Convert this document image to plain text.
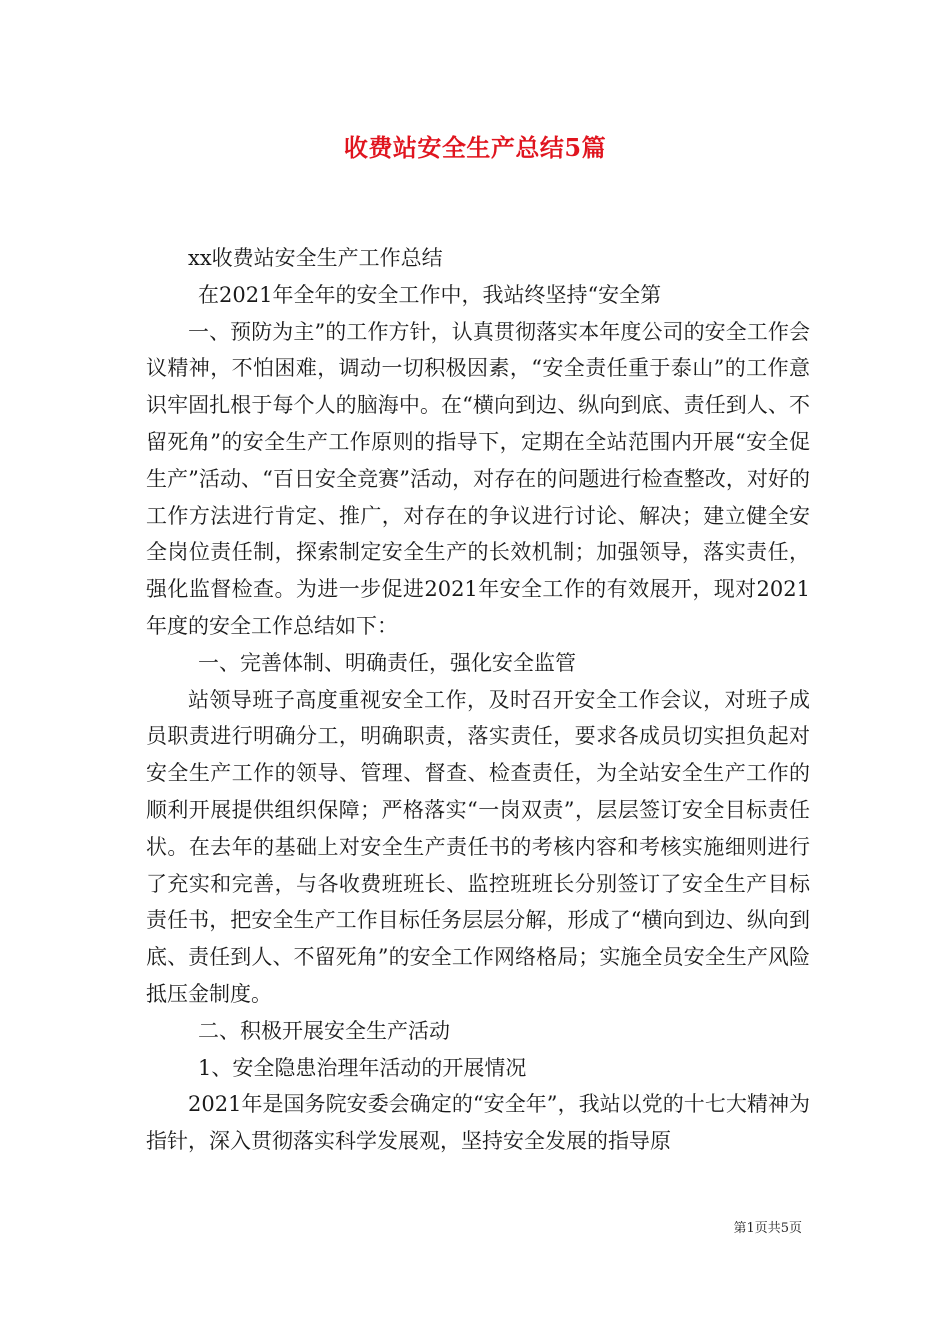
收费站安全生产总结5篇
xx收费站安全生产工作总结
在2021年全年的安全工作中，我站终坚持“安全第

一、预防为主”的工作方针，认真贯彻落实本年度公司的安全工作会议精神，不怕困难，调动一切积极因素，“安全责任重于泰山”的工作意识牢固扎根于每个人的脑海中。在“横向到边、纵向到底、责任到人、不留死角”的安全生产工作原则的指导下，定期在全站范围内开展“安全促生产”活动、“百日安全竞赛”活动，对存在的问题进行检查整改，对好的工作方法进行肯定、推广，对存在的争议进行讨论、解决；建立健全安全岗位责任制，探索制定安全生产的长效机制；加强领导，落实责任，强化监督检查。为进一步促进2021年安全工作的有效展开，现对2021年度的安全工作总结如下：

一、完善体制、明确责任，强化安全监管

站领导班子高度重视安全工作，及时召开安全工作会议，对班子成员职责进行明确分工，明确职责，落实责任，要求各成员切实担负起对安全生产工作的领导、管理、督查、检查责任，为全站安全生产工作的顺利开展提供组织保障；严格落实“一岗双责”，层层签订安全目标责任状。在去年的基础上对安全生产责任书的考核内容和考核实施细则进行了充实和完善，与各收费班班长、监控班班长分别签订了安全生产目标责任书，把安全生产工作目标任务层层分解，形成了“横向到边、纵向到底、责任到人、不留死角”的安全工作网络格局；实施全员安全生产风险抵压金制度。

二、积极开展安全生产活动
1、安全隐患治理年活动的开展情况

2021年是国务院安委会确定的“安全年”，我站以党的十七大精神为指针，深入贯彻落实科学发展观，坚持安全发展的指导原

第1页共5页
